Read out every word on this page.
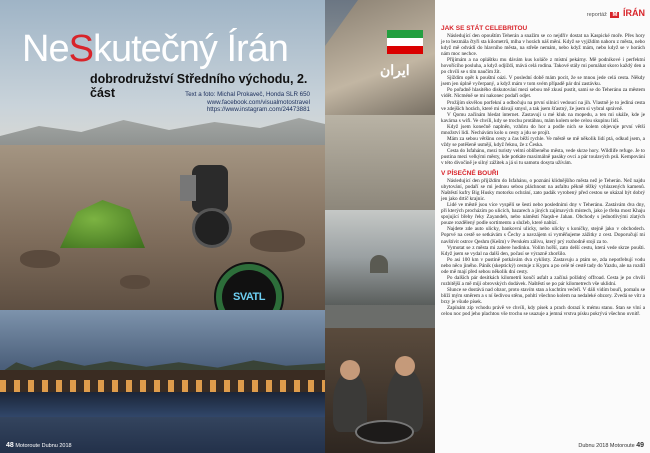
NeSkutečný Írán
dobrodružství Středního východu, 2. část	Text a foto: Michal Prokaveč, Honda SLR 650
www.facebook.com/visualmotostravel
https://www.instagram.com/24473881
SVATL
48 Motoroute Dubnu 2018
ايران
reportáž M ÍRÁN
JAK SE STÁT CELEBRITOU

Následující den opouštím Teherán a snažím se co nejdřív dostat na Kaspické moře. Přes hory je to bezmála čtyři sta kilometrů, mlha v horách náš mění. Když se vyjíždím nahoru z města, nebo když mě odvádí do hlavního města, na střeše nemám, nebo když mám, nebo když se v horách nám moc nechce.

Přijímám a na opláštku mu dávám kus koláče z místní pekárny. Mě podnikové i perfektní hovořícího posluha, a když odjíždí, mává celá rodina. Takové stály mi pomáhat skoro každý den a po chvíli se s tím naučím žít.

Sjíždím opět k pouštní oázi. V poslední době mám pocit, že se mnou jede celá cesta. Někdy jsem jen úplně vyčerpaný, a když mám v tom svém případě pár dní zastávku.

Po pořadně hlasitého diskutování mezi sebou mě zkusí pustit, sami se do Teheránu za městem vidět. Nicméně se mi nakonec podaří odjet.

Prožijím skvělou porfekní a odbočuju na první silnici vedoucí na jih. Vlastně je to jediná cesta ve zdejších horách, které mi dávají smysl, a tak jsem šťastný, že jsem si vybral správně.

V Qomu začínám hledat internet. Zastavuji u mé kluk na mopedu, a ten mi ukáže, kde je kavárna s wifi. Ve chvíli, kdy se trochu protáhnu, mám kolem sebe celou skupinu lidí.

Když jsem konečně naplněn, vzhůru do hor a podle nich se kolem objevuje první větší množství lidí. Nechávám kolo u cesty a jdu se projít.

Mám za sebou většinu cesty a čas běží rychle. Ve městě se mě několik lidí ptá, odkud jsem, a vždy se potěšeně usmějí, když řeknu, že z Česka.

Cesta do Isfahánu, mezi turisty velmi oblíbeného města, vede skrze hory. Wildlife refuge. Je to pustina mezi velkými městy, kde potkáte maximálně pasáky ovcí a pár toulavých psů. Kempování v této divočině je silný zážitek a já si tu samotu dosyta užívám.

V PÍSEČNÉ BOUŘI

Následující den přijíždím do Isfahánu, o poznání klidnějšího města než je Teherán. Než najdu ubytování, podaří se mi jednou sebou pláchnout na asfaltu pěkně těžký vyhlazených kamenů. Naštěstí kufry Big Husky motorku ochrání, zato padák vyrobený před cestou se ukázal být dobrý jen jako drtič krajnic.

Lidé ve městě jsou více vyspělí se šesti nebo posledními dny v Teheránu. Zastávám dva dny, při kterých procházím po ulicích, bazarech a jiných zajímavých místech, jako je třeba most Khaju spojující břehy řeky Zayandeh, nebo náměstí Naqsh-e Jahan. Obchody s jednotlivými zlatých pouze rozdělený podle sortimentu a služeb, které nabízí.

Najdete zde auto ulicky, bankovní ulicky, nebo ulicky s koníčky, stejně jako v obchodech. Poprvé na cestě se setkávám s Čechy a navzájem si vyměňujeme zážitky z cest. Doporučují mi navštívit ostrov Qeshm (Kešm) v Perském zálivu, který prý rozhodně stojí za to.

Vymotat se z města mi zabere hodinku. Volím hořší, zato delší cestu, která vede skrze poušti. Když jsem se vydal na další den, počasí se výrazně zhoršilo.

Po asi 100 km v pustině potkávám dva cyklisty. Zastavuju a ptám se, zda nepotřebují vodu nebo něco jiného. Pánik (skeptický) cestuje z Kypru a po celé té cestě tady do Yazdu, ale na rozdíl ode mě mají před sebou několik dní cesty.

Po dalších pár desítkách kilometrů končí asfalt a začíná pořádný offroad. Cesta je po chvíli rozbitější a mě míjí obrovských dodávek. Naštěstí se po pár kilometrech vše uklidní.

Slunce se dostává nad obzor, proto stavím stan a kuchtím večeři. V dáli vidím bouři, pomalu se blíží mým směrem a s ní šedivou stěnu, pohltí všechno kolem na nedaleké obzory. Zvedá se vítr a brzy je všude písek.

Zapínám zip vchodu právě ve chvíli, kdy písek a prach dorazí k mému stanu. Stan se vlní a celou noc pod jeho plachtou vše trochu se usazuje a jemná vrstva písku pokrývá všechno uvnitř.

Dubnu 2018 Motoroute 49
